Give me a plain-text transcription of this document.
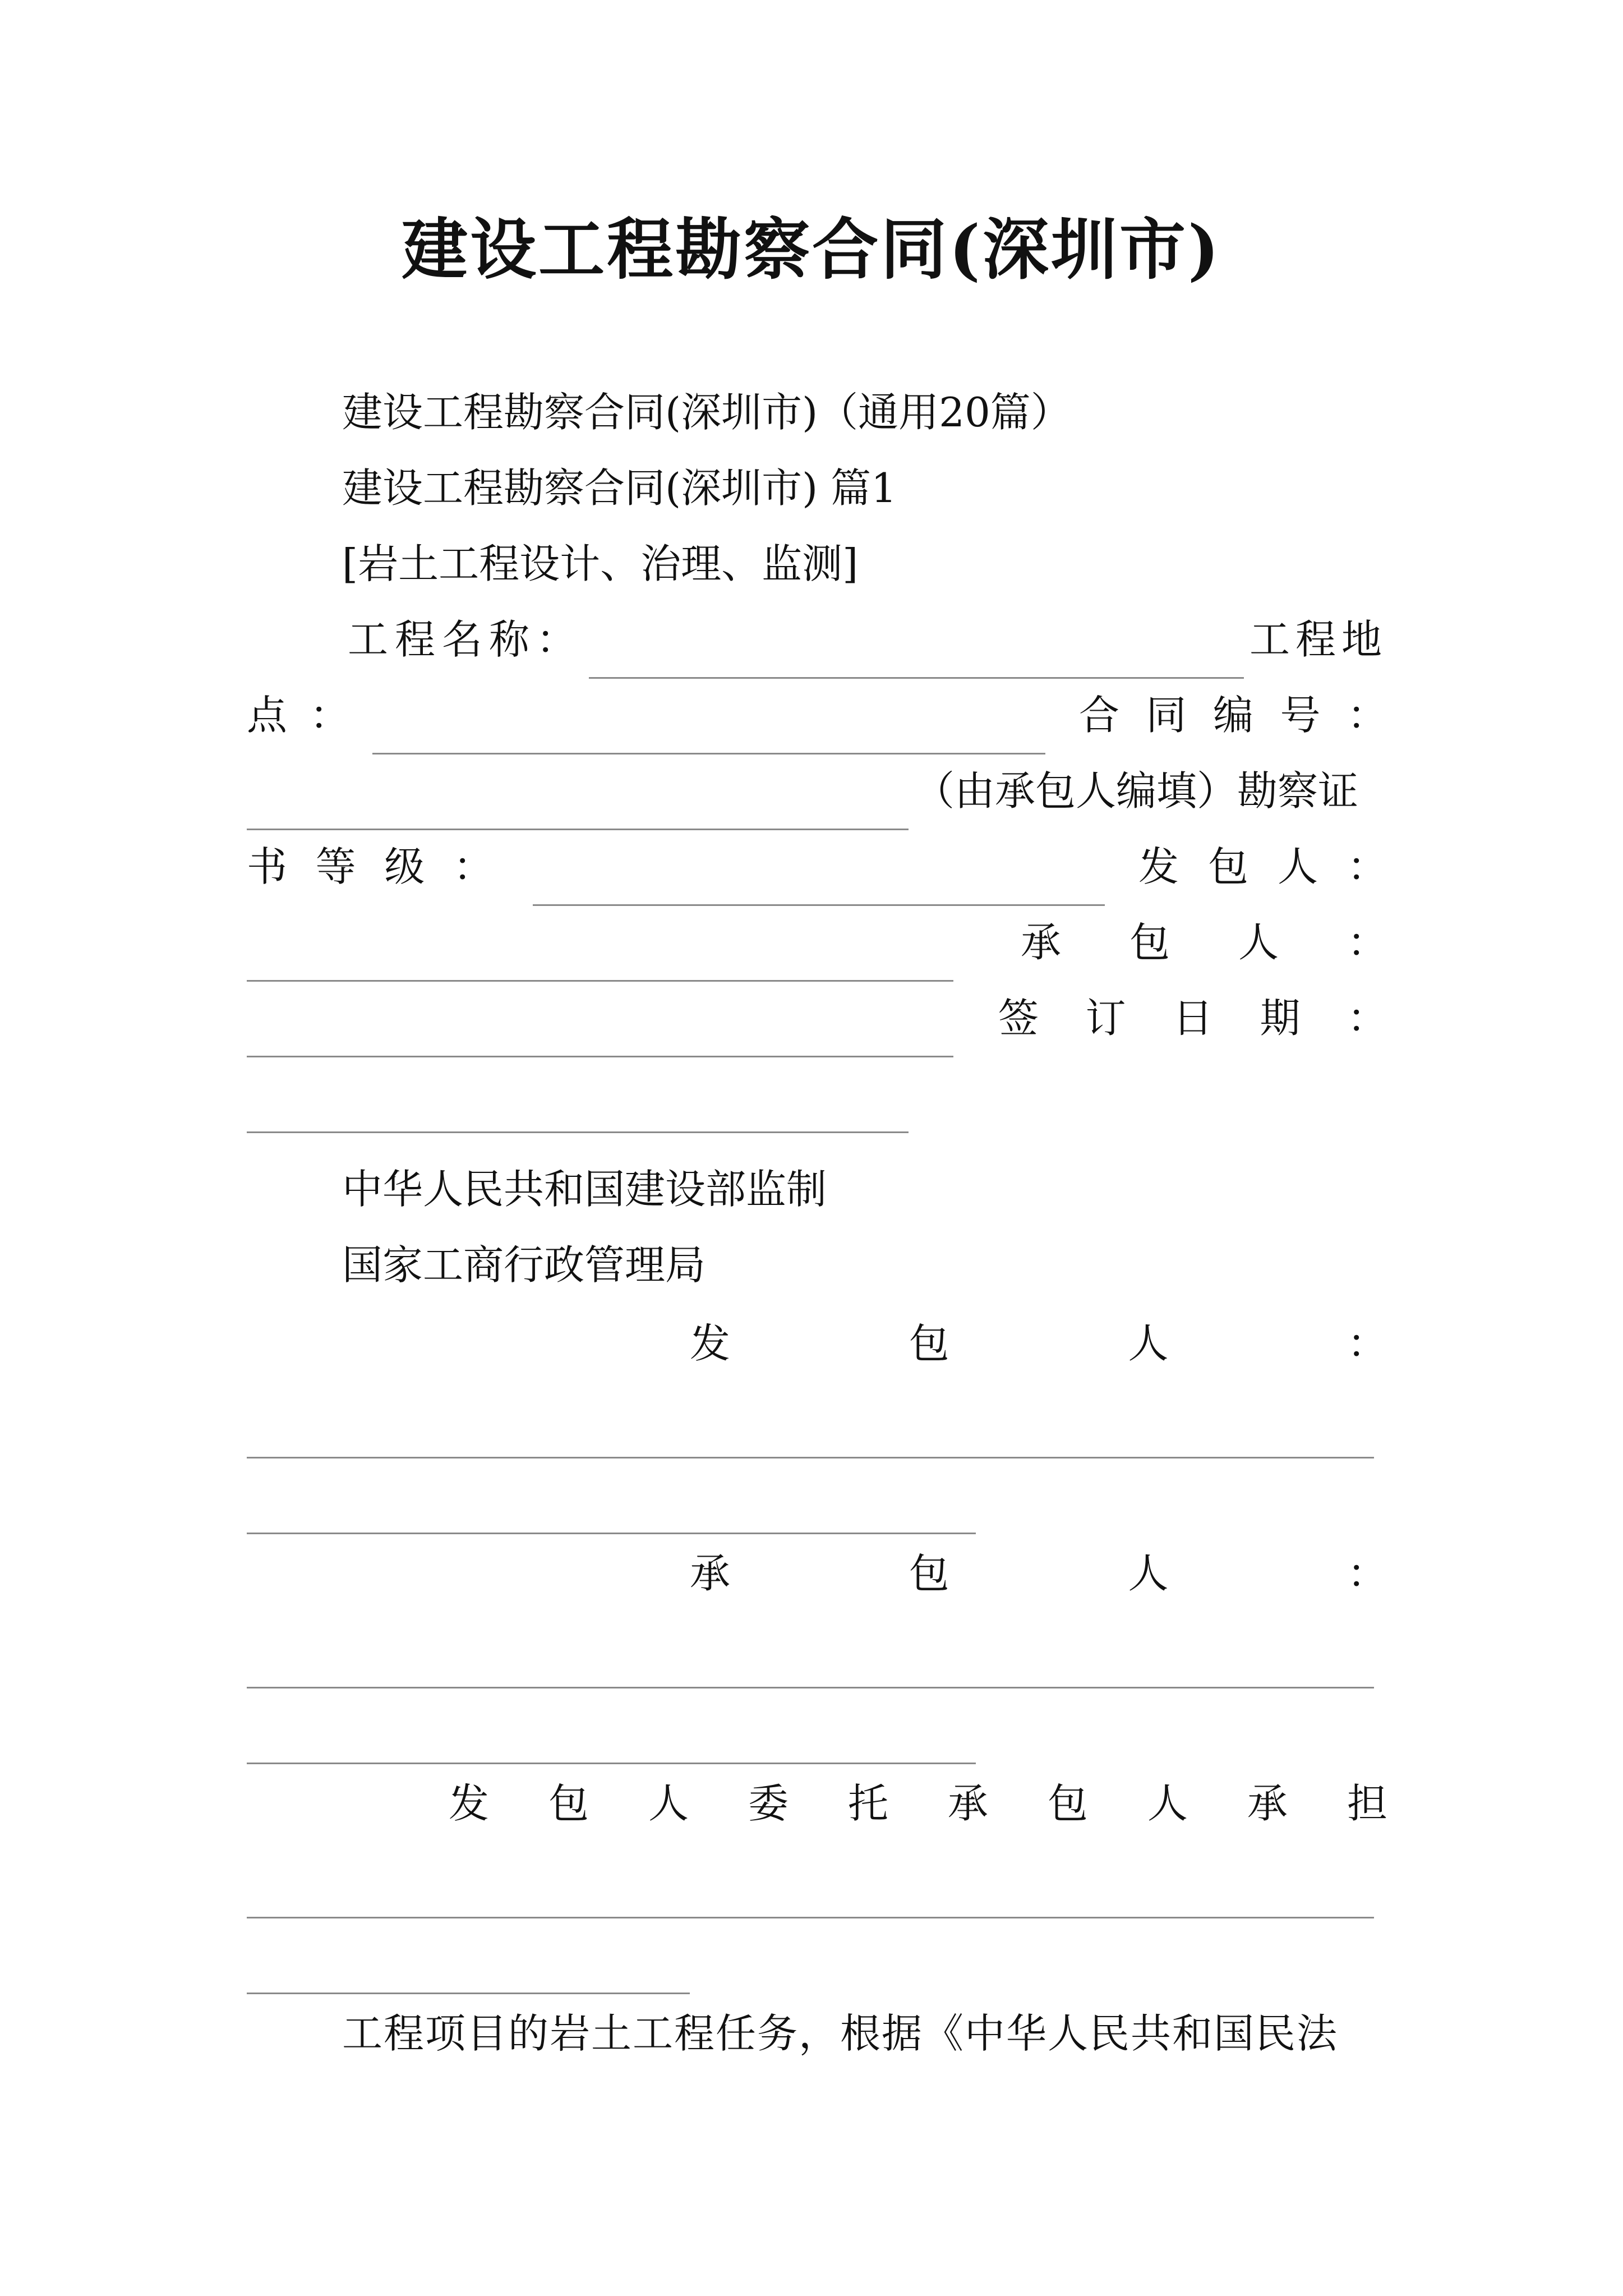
建设工程勘察合同(深圳市)
建设工程勘察合同(深圳市)（通用20篇）
建设工程勘察合同(深圳市) 篇1
[岩土工程设计、治理、监测]
工程名称：	工程地
点：	合 同 编 号 ：
（由承包人编填）勘察证
书 等 级 ：	发 包 人 ：
承 包 人 ：
签 订 日 期 ：
中华人民共和国建设部监制
国家工商行政管理局
发	包	人	：
承	包	人	：
发 包 人 委 托 承 包 人 承 担
工程项目的岩土工程任务，根据《中华人民共和国民法
